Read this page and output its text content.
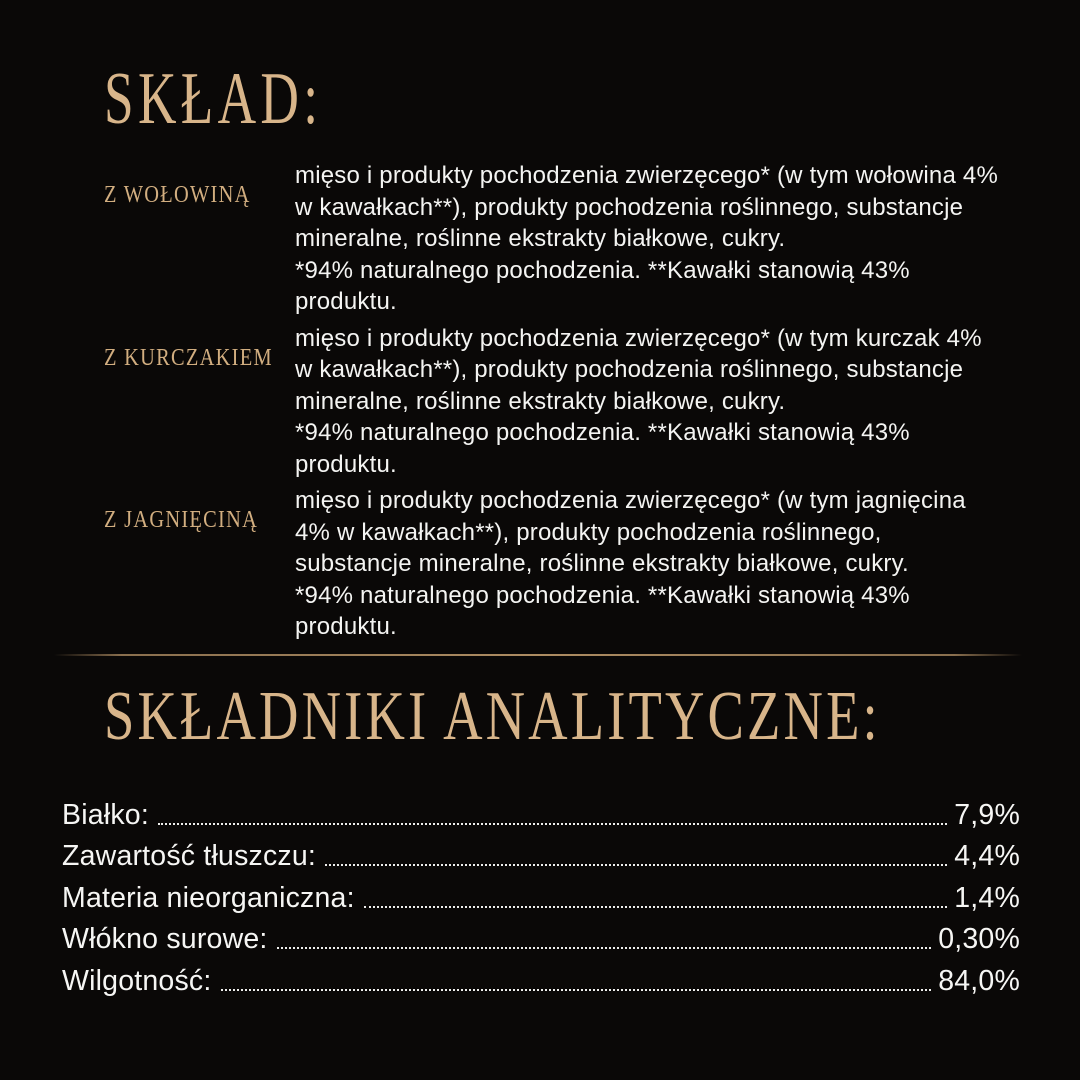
SKŁAD:
Z WOŁOWINĄ
mięso i produkty pochodzenia zwierzęcego* (w tym wołowina 4%
w kawałkach**), produkty pochodzenia roślinnego, substancje
mineralne, roślinne ekstrakty białkowe, cukry.
*94% naturalnego pochodzenia. **Kawałki stanowią 43%
produktu.
Z KURCZAKIEM
mięso i produkty pochodzenia zwierzęcego* (w tym kurczak 4%
w kawałkach**), produkty pochodzenia roślinnego, substancje
mineralne, roślinne ekstrakty białkowe, cukry.
*94% naturalnego pochodzenia. **Kawałki stanowią 43%
produktu.
Z JAGNIĘCINĄ
mięso i produkty pochodzenia zwierzęcego* (w tym jagnięcina
4% w kawałkach**), produkty pochodzenia roślinnego,
substancje mineralne, roślinne ekstrakty białkowe, cukry.
*94% naturalnego pochodzenia. **Kawałki stanowią 43%
produktu.
SKŁADNIKI ANALITYCZNE:
Białko:	7,9%
Zawartość tłuszczu:	4,4%
Materia nieorganiczna:	1,4%
Włókno surowe:	0,30%
Wilgotność:	84,0%
